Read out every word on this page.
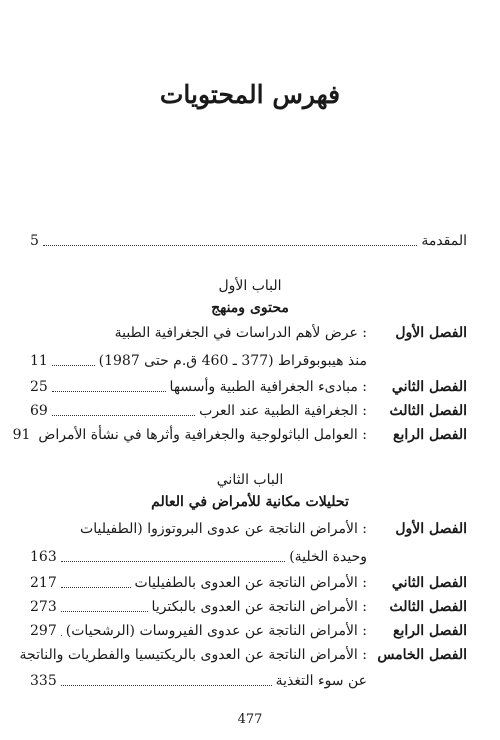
فهرس المحتويات
المقدمة
5
الباب الأول
محتوى ومنهج
الفصل الأول
: عرض لأهم الدراسات في الجغرافية الطبية
منذ هيبوبوقراط (377 ـ 460 ق.م حتى 1987)
11
الفصل الثاني
: مبادىء الجغرافية الطبية وأسسها
25
الفصل الثالث
: الجغرافية الطبية عند العرب
69
الفصل الرابع
: العوامل الباثولوجية والجغرافية وأثرها في نشأة الأمراض
91
الباب الثاني
تحليلات مكانية للأمراض في العالم
الفصل الأول
: الأمراض الناتجة عن عدوى البروتوزوا (الطفيليات
وحيدة الخلية)
163
الفصل الثاني
: الأمراض الناتجة عن العدوى بالطفيليات
217
الفصل الثالث
: الأمراض الناتجة عن العدوى بالبكتريا
273
الفصل الرابع
: الأمراض الناتجة عن عدوى الفيروسات (الرشحيات)
297
الفصل الخامس
: الأمراض الناتجة عن العدوى بالريكتيسيا والفطريات والناتجة
عن سوء التغذية
335
477
